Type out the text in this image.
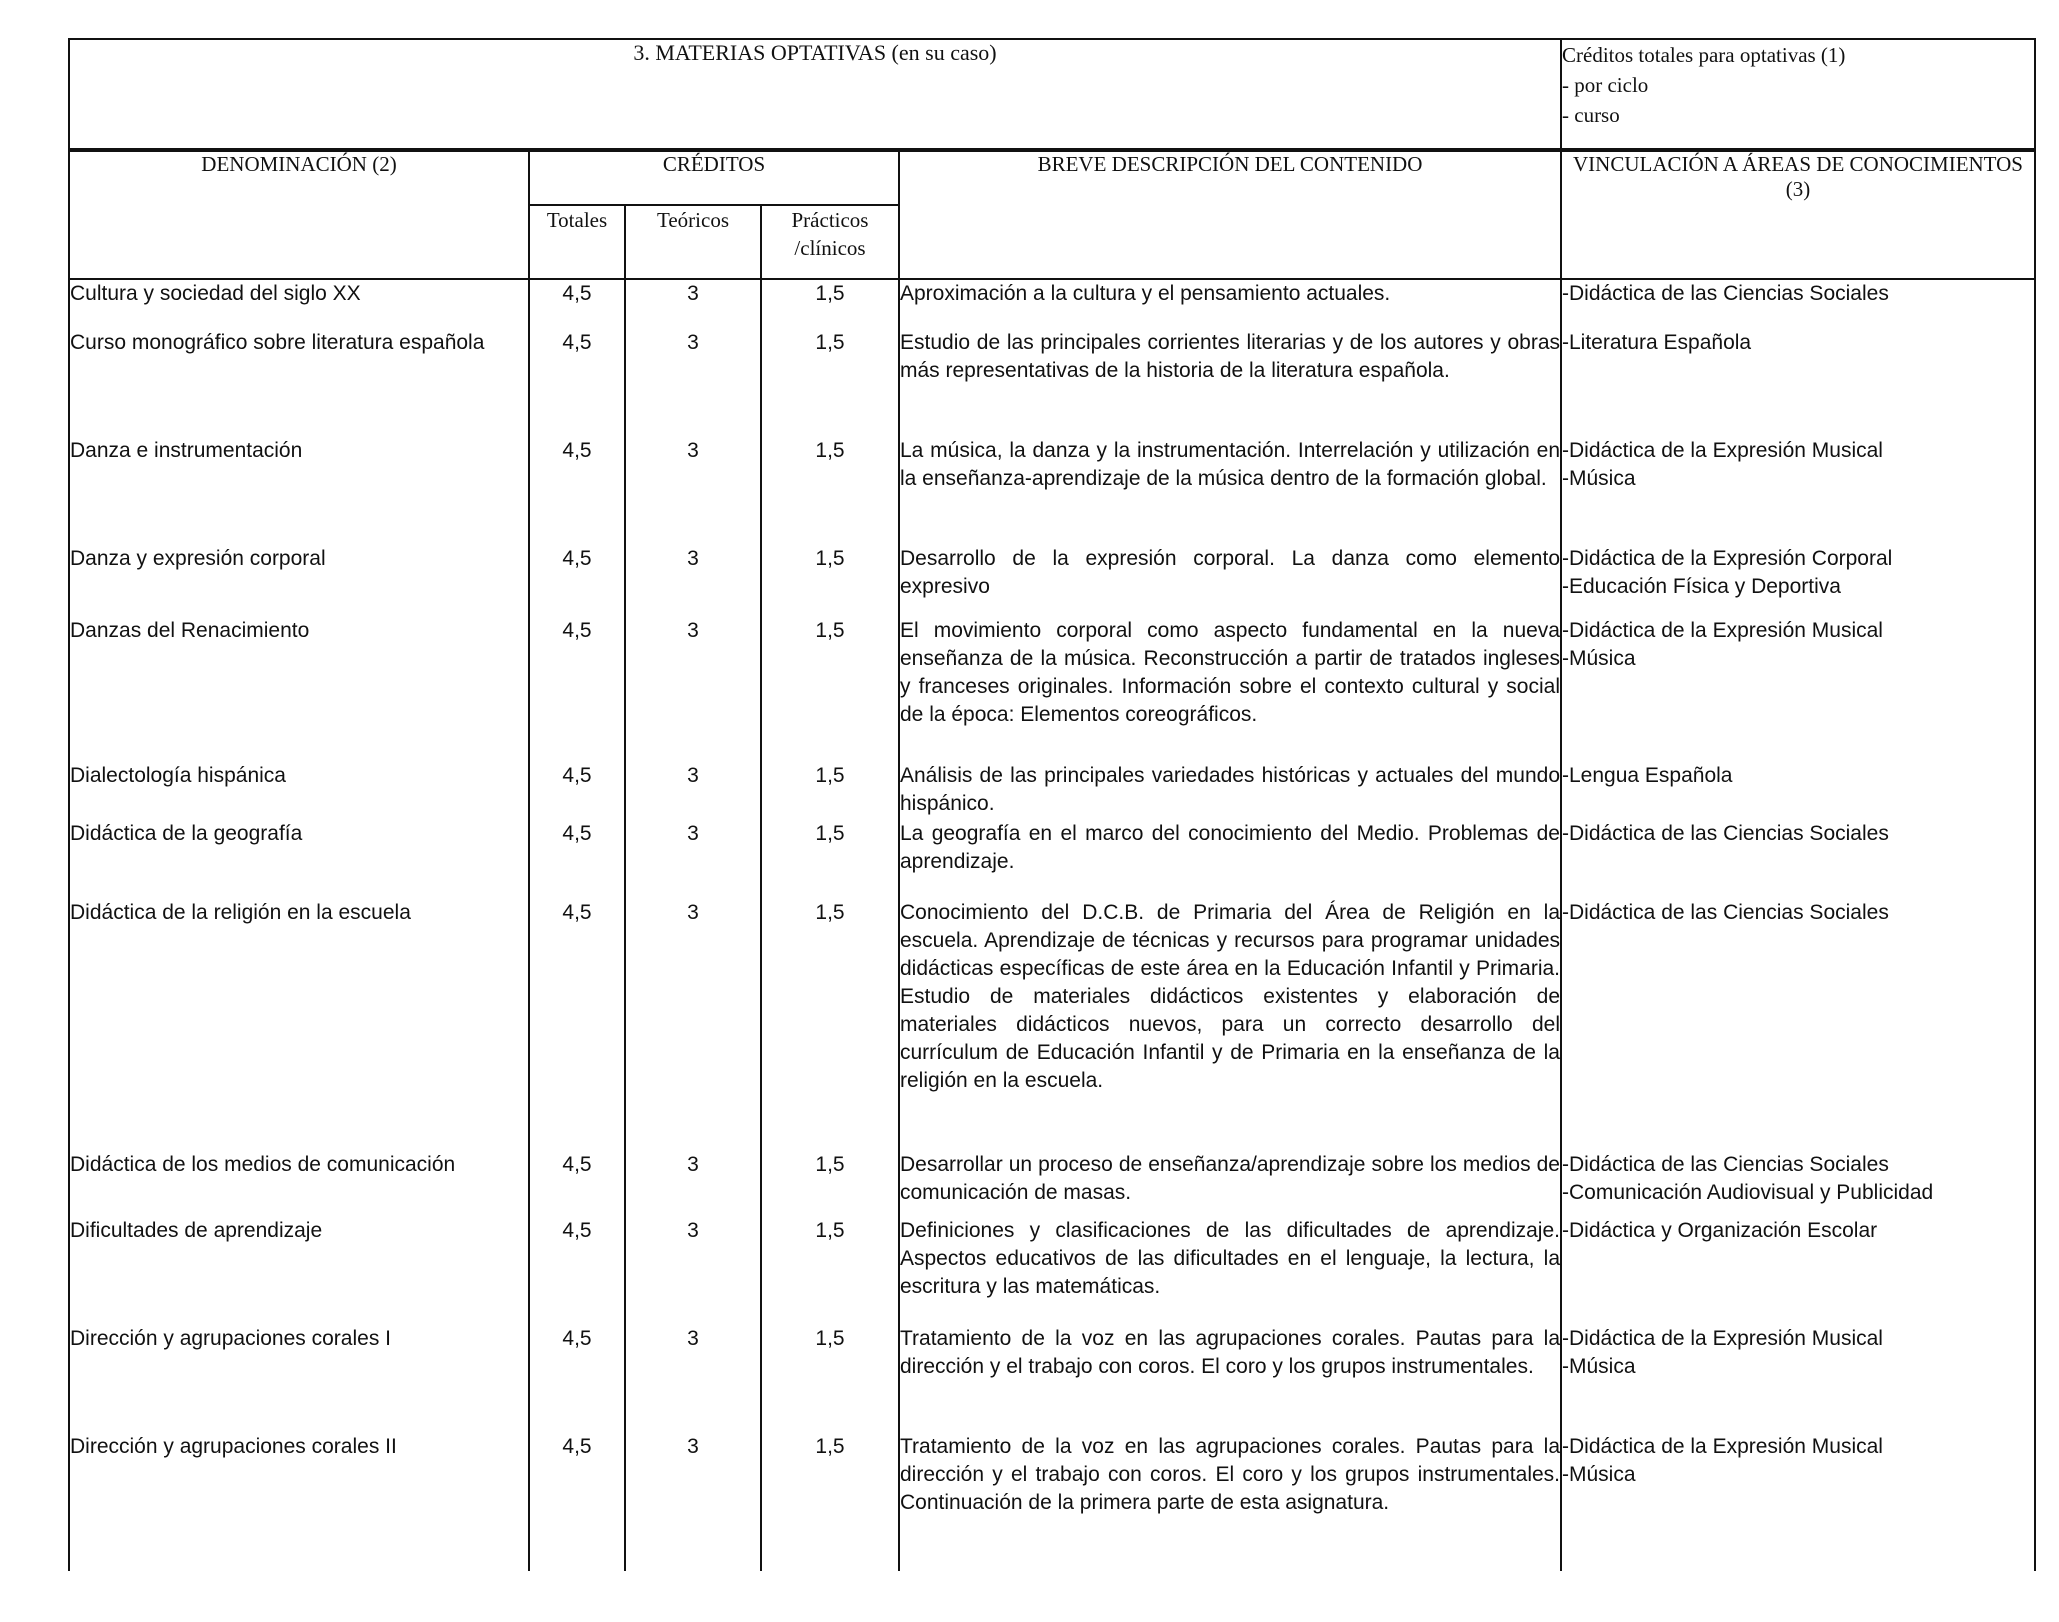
3. MATERIAS OPTATIVAS (en su caso)	Créditos totales para optativas (1)
- por ciclo
- curso
DENOMINACIÓN (2)	CRÉDITOS			BREVE DESCRIPCIÓN DEL CONTENIDO	VINCULACIÓN A ÁREAS DE CONOCIMIENTOS (3)
	Totales	Teóricos	Prácticos /clínicos		
Cultura y sociedad del siglo XX	4,5	3	1,5	Aproximación a la cultura y el pensamiento actuales.	-Didáctica de las Ciencias Sociales

Curso monográfico sobre literatura española	4,5	3	1,5	Estudio de las principales corrientes literarias y de los autores y obras más representativas de la historia de la literatura española.	-Literatura Española

Danza e instrumentación	4,5	3	1,5	La música, la danza y la instrumentación. Interrelación y utilización en la enseñanza-aprendizaje de la música dentro de la formación global.	-Didáctica de la Expresión Musical
-Música

Danza y expresión corporal	4,5	3	1,5	Desarrollo de la expresión corporal. La danza como elemento expresivo	-Didáctica de la Expresión Corporal
-Educación Física y Deportiva

Danzas del Renacimiento	4,5	3	1,5	El movimiento corporal como aspecto fundamental en la nueva enseñanza de la música. Reconstrucción a partir de tratados ingleses y franceses originales. Información sobre el contexto cultural y social de la época: Elementos coreográficos.	-Didáctica de la Expresión Musical
-Música

Dialectología hispánica	4,5	3	1,5	Análisis de las principales variedades históricas y actuales del mundo hispánico.	-Lengua Española

Didáctica de la geografía	4,5	3	1,5	La geografía en el marco del conocimiento del Medio. Problemas de aprendizaje.	-Didáctica de las Ciencias Sociales

Didáctica de la religión en la escuela	4,5	3	1,5	Conocimiento del D.C.B. de Primaria del Área de Religión en la escuela. Aprendizaje de técnicas y recursos para programar unidades didácticas específicas de este área en la Educación Infantil y Primaria. Estudio de materiales didácticos existentes y elaboración de materiales didácticos nuevos, para un correcto desarrollo del currículum de Educación Infantil y de Primaria en la enseñanza de la religión en la escuela.	-Didáctica de las Ciencias Sociales

Didáctica de los medios de comunicación	4,5	3	1,5	Desarrollar un proceso de enseñanza/aprendizaje sobre los medios de comunicación de masas.	-Didáctica de las Ciencias Sociales
-Comunicación Audiovisual y Publicidad

Dificultades de aprendizaje	4,5	3	1,5	Definiciones y clasificaciones de las dificultades de aprendizaje. Aspectos educativos de las dificultades en el lenguaje, la lectura, la escritura y las matemáticas.	-Didáctica y Organización Escolar

Dirección y agrupaciones corales I	4,5	3	1,5	Tratamiento de la voz en las agrupaciones corales. Pautas para la dirección y el trabajo con coros. El coro y los grupos instrumentales.	-Didáctica de la Expresión Musical
-Música

Dirección y agrupaciones corales II	4,5	3	1,5	Tratamiento de la voz en las agrupaciones corales. Pautas para la dirección y el trabajo con coros. El coro y los grupos instrumentales. Continuación de la primera parte de esta asignatura.	-Didáctica de la Expresión Musical
-Música
